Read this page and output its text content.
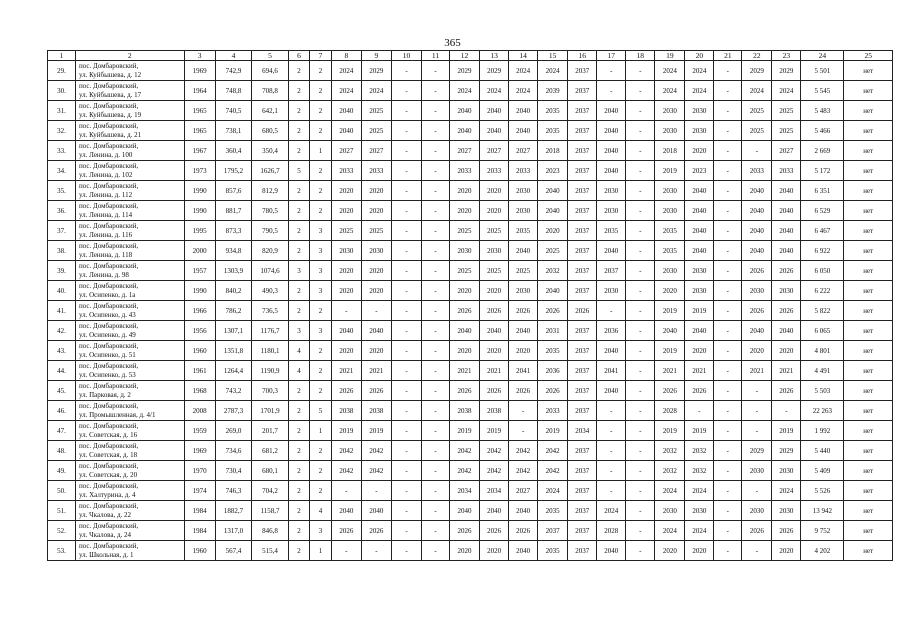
365
1	2	3	4	5	6	7	8	9	10	11	12	13	14	15	16	17	18	19	20	21	22	23	24	25
29.	пос. Домбаровский,
ул. Куйбышева, д. 12	1969	742,9	694,6	2	2	2024	2029	-	-	2029	2029	2024	2024	2037	-	-	2024	2024	-	2029	2029	5 501	нет
30.	пос. Домбаровский,
ул. Куйбышева, д. 17	1964	748,8	708,8	2	2	2024	2024	-	-	2024	2024	2024	2039	2037	-	-	2024	2024	-	2024	2024	5 545	нет
31.	пос. Домбаровский,
ул. Куйбышева, д. 19	1965	740,5	642,1	2	2	2040	2025	-	-	2040	2040	2040	2035	2037	2040	-	2030	2030	-	2025	2025	5 483	нет
32.	пос. Домбаровский,
ул. Куйбышева, д. 21	1965	738,1	680,5	2	2	2040	2025	-	-	2040	2040	2040	2035	2037	2040	-	2030	2030	-	2025	2025	5 466	нет
33.	пос. Домбаровский,
ул. Ленина, д. 100	1967	360,4	350,4	2	1	2027	2027	-	-	2027	2027	2027	2018	2037	2040	-	2018	2020	-	-	2027	2 669	нет
34.	пос. Домбаровский,
ул. Ленина, д. 102	1973	1795,2	1626,7	5	2	2033	2033	-	-	2033	2033	2033	2023	2037	2040	-	2019	2023	-	2033	2033	5 172	нет
35.	пос. Домбаровский,
ул. Ленина, д. 112	1990	857,6	812,9	2	2	2020	2020	-	-	2020	2020	2030	2040	2037	2030	-	2030	2040	-	2040	2040	6 351	нет
36.	пос. Домбаровский,
ул. Ленина, д. 114	1990	881,7	780,5	2	2	2020	2020	-	-	2020	2020	2030	2040	2037	2030	-	2030	2040	-	2040	2040	6 529	нет
37.	пос. Домбаровский,
ул. Ленина, д. 116	1995	873,3	790,5	2	3	2025	2025	-	-	2025	2025	2035	2020	2037	2035	-	2035	2040	-	2040	2040	6 467	нет
38.	пос. Домбаровский,
ул. Ленина, д. 118	2000	934,8	820,9	2	3	2030	2030	-	-	2030	2030	2040	2025	2037	2040	-	2035	2040	-	2040	2040	6 922	нет
39.	пос. Домбаровский,
ул. Ленина, д. 98	1957	1303,9	1074,6	3	3	2020	2020	-	-	2025	2025	2025	2032	2037	2037	-	2030	2030	-	2026	2026	6 050	нет
40.	пос. Домбаровский,
ул. Осипенко, д. 1а	1990	840,2	490,3	2	3	2020	2020	-	-	2020	2020	2030	2040	2037	2030	-	2020	2030	-	2030	2030	6 222	нет
41.	пос. Домбаровский,
ул. Осипенко, д. 43	1966	786,2	736,5	2	2	-	-	-	-	2026	2026	2026	2026	2026	-	-	2019	2019	-	2026	2026	5 822	нет
42.	пос. Домбаровский,
ул. Осипенко, д. 49	1956	1307,1	1176,7	3	3	2040	2040	-	-	2040	2040	2040	2031	2037	2036	-	2040	2040	-	2040	2040	6 065	нет
43.	пос. Домбаровский,
ул. Осипенко, д. 51	1960	1351,8	1180,1	4	2	2020	2020	-	-	2020	2020	2020	2035	2037	2040	-	2019	2020	-	2020	2020	4 801	нет
44.	пос. Домбаровский,
ул. Осипенко, д. 53	1961	1264,4	1190,9	4	2	2021	2021	-	-	2021	2021	2041	2036	2037	2041	-	2021	2021	-	2021	2021	4 491	нет
45.	пос. Домбаровский,
ул. Парковая, д. 2	1968	743,2	700,3	2	2	2026	2026	-	-	2026	2026	2026	2026	2037	2040	-	2026	2026	-	-	2026	5 503	нет
46.	пос. Домбаровский,
ул. Промышленная, д. 4/1	2008	2787,3	1701,9	2	5	2038	2038	-	-	2038	2038	-	2033	2037	-	-	2028	-	-	-	-	22 263	нет
47.	пос. Домбаровский,
ул. Советская, д. 16	1959	269,0	201,7	2	1	2019	2019	-	-	2019	2019	-	2019	2034	-	-	2019	2019	-	-	2019	1 992	нет
48.	пос. Домбаровский,
ул. Советская, д. 18	1969	734,6	681,2	2	2	2042	2042	-	-	2042	2042	2042	2042	2037	-	-	2032	2032	-	2029	2029	5 440	нет
49.	пос. Домбаровский,
ул. Советская, д. 20	1970	730,4	680,1	2	2	2042	2042	-	-	2042	2042	2042	2042	2037	-	-	2032	2032	-	2030	2030	5 409	нет
50.	пос. Домбаровский,
ул. Халтурина, д. 4	1974	746,3	704,2	2	2	-	-	-	-	2034	2034	2027	2024	2037	-	-	2024	2024	-	-	2024	5 526	нет
51.	пос. Домбаровский,
ул. Чкалова, д. 22	1984	1882,7	1158,7	2	4	2040	2040	-	-	2040	2040	2040	2035	2037	2024	-	2030	2030	-	2030	2030	13 942	нет
52.	пос. Домбаровский,
ул. Чкалова, д. 24	1984	1317,0	846,8	2	3	2026	2026	-	-	2026	2026	2026	2037	2037	2028	-	2024	2024	-	2026	2026	9 752	нет
53.	пос. Домбаровский,
ул. Школьная, д. 1	1960	567,4	515,4	2	1	-	-	-	-	2020	2020	2040	2035	2037	2040	-	2020	2020	-	-	2020	4 202	нет
